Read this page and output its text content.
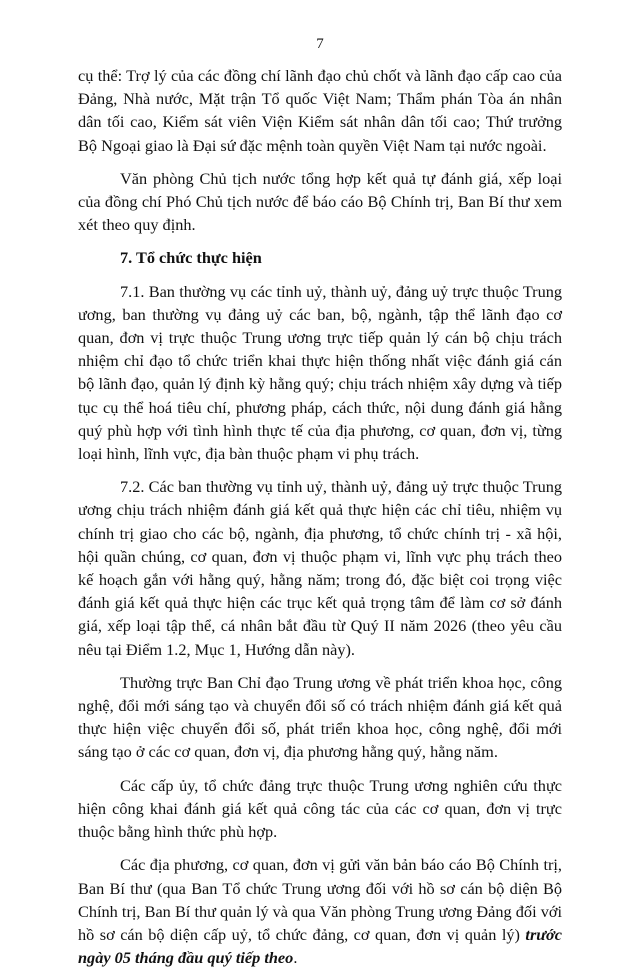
7

cụ thể: Trợ lý của các đồng chí lãnh đạo chủ chốt và lãnh đạo cấp cao của Đảng, Nhà nước, Mặt trận Tổ quốc Việt Nam; Thẩm phán Tòa án nhân dân tối cao, Kiểm sát viên Viện Kiểm sát nhân dân tối cao; Thứ trưởng Bộ Ngoại giao là Đại sứ đặc mệnh toàn quyền Việt Nam tại nước ngoài.

Văn phòng Chủ tịch nước tổng hợp kết quả tự đánh giá, xếp loại của đồng chí Phó Chủ tịch nước để báo cáo Bộ Chính trị, Ban Bí thư xem xét theo quy định.

7. Tổ chức thực hiện

7.1. Ban thường vụ các tỉnh uỷ, thành uỷ, đảng uỷ trực thuộc Trung ương, ban thường vụ đảng uỷ các ban, bộ, ngành, tập thể lãnh đạo cơ quan, đơn vị trực thuộc Trung ương trực tiếp quản lý cán bộ chịu trách nhiệm chỉ đạo tổ chức triển khai thực hiện thống nhất việc đánh giá cán bộ lãnh đạo, quản lý định kỳ hằng quý; chịu trách nhiệm xây dựng và tiếp tục cụ thể hoá tiêu chí, phương pháp, cách thức, nội dung đánh giá hằng quý phù hợp với tình hình thực tế của địa phương, cơ quan, đơn vị, từng loại hình, lĩnh vực, địa bàn thuộc phạm vi phụ trách.

7.2. Các ban thường vụ tỉnh uỷ, thành uỷ, đảng uỷ trực thuộc Trung ương chịu trách nhiệm đánh giá kết quả thực hiện các chỉ tiêu, nhiệm vụ chính trị giao cho các bộ, ngành, địa phương, tổ chức chính trị - xã hội, hội quần chúng, cơ quan, đơn vị thuộc phạm vi, lĩnh vực phụ trách theo kế hoạch gắn với hằng quý, hằng năm; trong đó, đặc biệt coi trọng việc đánh giá kết quả thực hiện các trục kết quả trọng tâm để làm cơ sở đánh giá, xếp loại tập thể, cá nhân bắt đầu từ Quý II năm 2026 (theo yêu cầu nêu tại Điểm 1.2, Mục 1, Hướng dẫn này).

Thường trực Ban Chỉ đạo Trung ương về phát triển khoa học, công nghệ, đổi mới sáng tạo và chuyển đổi số có trách nhiệm đánh giá kết quả thực hiện việc chuyển đổi số, phát triển khoa học, công nghệ, đổi mới sáng tạo ở các cơ quan, đơn vị, địa phương hằng quý, hằng năm.

Các cấp ủy, tổ chức đảng trực thuộc Trung ương nghiên cứu thực hiện công khai đánh giá kết quả công tác của các cơ quan, đơn vị trực thuộc bằng hình thức phù hợp.

Các địa phương, cơ quan, đơn vị gửi văn bản báo cáo Bộ Chính trị, Ban Bí thư (qua Ban Tổ chức Trung ương đối với hồ sơ cán bộ diện Bộ Chính trị, Ban Bí thư quản lý và qua Văn phòng Trung ương Đảng đối với hồ sơ cán bộ diện cấp uỷ, tổ chức đảng, cơ quan, đơn vị quản lý) trước ngày 05 tháng đầu quý tiếp theo.
